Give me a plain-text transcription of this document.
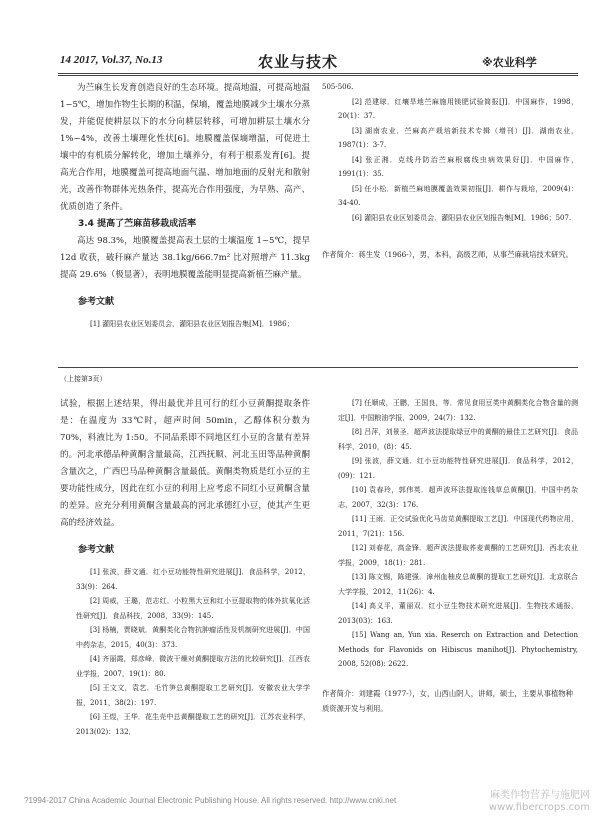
14 2017, Vol.37, No.13	农业与技术	※农业科学

为苎麻生长发育创造良好的生态环境。提高地温，可提高地温 1~5℃，增加作物生长期的积温，保墒，覆盖地膜减少土壤水分蒸发，并能促使耕层以下的水分向耕层转移，可增加耕层土壤水分 1%~4%，改善土壤理化性状[6]。地膜覆盖保墒增温，可促进土壤中的有机质分解转化，增加土壤养分，有利于根系发育[6]。提高光合作用，地膜覆盖可提高地面气温、增加地面的反射光和散射光，改善作物群体光热条件，提高光合作用强度，为早熟、高产、优质创造了条件。

3.4 提高了苎麻苗移栽成活率

高达 98.3%，地膜覆盖提高表土层的土壤温度 1~5℃，提早 12d 收获，破秆麻产量达 38.1kg/666.7m² 比对照增产 11.3kg 提高 29.6%（极显著），表明地膜覆盖能明显提高新植苎麻产量。

参考文献

[1] 灌阳县农业区划委员会，灌阳县农业区划报告集[M]．1986；

505-506.

[2] 范建球．红壤旱地苎麻施用镁肥试验简报[J]．中国麻作，1998，20(1)：37.

[3] 湖南农业．苎麻高产栽培新技术专辑（增刊）[J]．湖南农业，1987(1)：3-7.

[4] 张正湘．克线丹防治苎麻根腐线虫病效果好[J]．中国麻作，1991(1)：35.

[5] 任小松．新植苎麻地膜覆盖效果初报[J]．耕作与栽培，2009(4)：34-40.

[6] 灌阳县农业区划委员会．灌阳县农业区划报告集[M]．1986；507.

作者简介：蒋生发（1966-），男，本科，高级艺师，从事苎麻栽培技术研究。
（上接第3页）

试验，根据上述结果，得出最优并且可行的红小豆黄酮提取条件是：在温度为 33℃时，超声时间 50min，乙醇体积分数为 70%，料液比为 1:50。不同品系即不同地区红小豆的含量有差异的。河北承德品种黄酮含量最高，江西抚顺、河北玉田等品种黄酮含量次之，广西巴马品种黄酮含量最低。黄酮类物质是红小豆的主要功能性成分，因此在红小豆的利用上应考虑不同红小豆黄酮含量的差异。应充分利用黄酮含量最高的河北承德红小豆，使其产生更高的经济效益。

参考文献

[1] 张波，薛文通．红小豆功能特性研究进展[J]．食品科学，2012，33(9)：264.

[2] 周威，王璐，范志红．小粒黑大豆和红小豆提取物的体外抗氧化活性研究[J]．食品科技，2008，33(9)：145.

[3] 杨楠，贾晓斌．黄酮类化合物抗肿瘤活性及机制研究进展[J]．中国中药杂志，2015，40(3)：373.

[4] 齐丽霞，郑彦峰．微波干燥对黄酮提取方法的比较研究[J]．江西农业学报，2007，19(1)：80.

[5] 王文文，袁艺．毛竹笋总黄酮提取工艺研究[J]．安徽农业大学学报，2011，38(2)：197.

[6] 王煜，王华．花生壳中总黄酮提取工艺的研究[J]．江苏农业科学，2013(02)：132．

[7] 任顺成，王鹏，王国良，等．常见食用豆类中黄酮类化合物含量的测定[J]．中国粮油学报，2009，24(7)：132.

[8] 吕萍，刘景圣．超声波法提取绿豆中的黄酮的最佳工艺研究[J]．食品科学，2010，(8)：45.

[9] 张波，薛文通．红小豆功能特性研究进展[J]．食品科学，2012，(09)：121.

[10] 袁春玲，郭伟英．超声波环法提取连钱草总黄酮[J]．中国中药杂志，2007，32(3)：176.

[11] 王雨．正交试验优化马齿苋黄酮提取工艺[J]．中国现代药物应用，2011，7(21)：156.

[12] 刘春花，高金锋．超声波法提取荞麦黄酮的工艺研究[J]．西北农业学报，2009，18(1)：281.

[13] 陈文锡，陈建强．漳州血柚皮总黄酮的提取工艺研究[J]．北京联合大学学报，2012，11(26)：4.

[14] 高义平，董丽双．红小豆生物技术研究进展[J]．生物技术通报，2013(03)：163.

[15] Wang an, Yun xia. Reserch on Extraction and Detection Methods for Flavonids on Hibiscus manihot[J]. Phytochemistry, 2008, 52(08): 2622.

作者简介：刘建霞（1977-），女，山西山阴人，讲师，硕士，主要从事植物种质资源开发与利用。
?1994-2017 China Academic Journal Electronic Publishing House. All rights reserved. http://www.cnki.net	麻类作物营养与施肥网
www.fibercrops.com
